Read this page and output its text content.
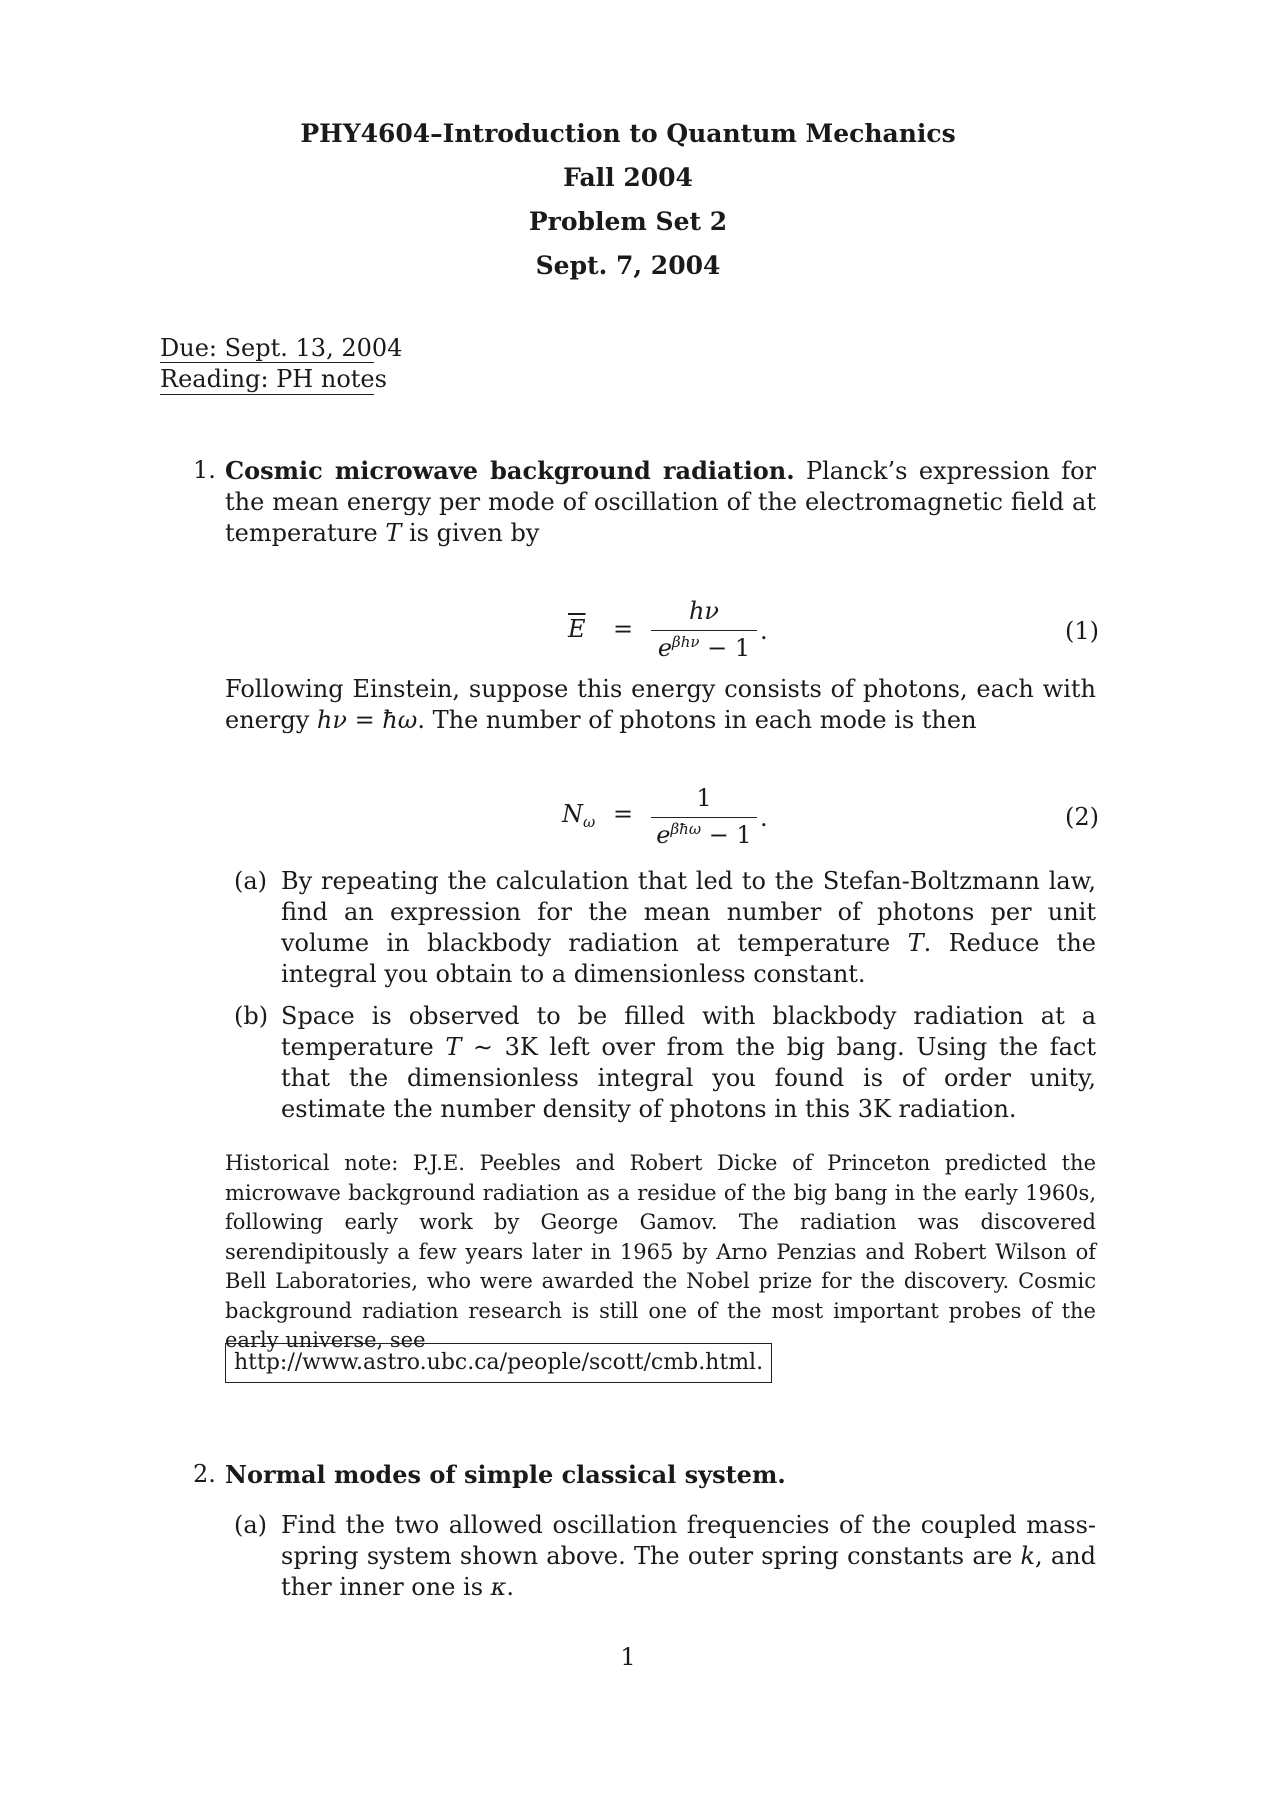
PHY4604–Introduction to Quantum Mechanics
Fall 2004
Problem Set 2
Sept. 7, 2004
Due: Sept. 13, 2004
Reading: PH notes
1. Cosmic microwave background radiation. Planck’s expression for the mean energy per mode of oscillation of the electromagnetic field at temperature T is given by
$\overline{E}$ =
hν
$e^{\beta h\nu} - 1$
.	(1)
Following Einstein, suppose this energy consists of photons, each with energy hν = ħω. The number of photons in each mode is then
$N_\omega$ =
1
$e^{\beta ħ\omega} - 1$
.	(2)
(a) By repeating the calculation that led to the Stefan-Boltzmann law, find an expression for the mean number of photons per unit volume in blackbody radiation at temperature T. Reduce the integral you obtain to a dimensionless constant.
(b) Space is observed to be filled with blackbody radiation at a temperature T ∼ 3K left over from the big bang. Using the fact that the dimensionless integral you found is of order unity, estimate the number density of photons in this 3K radiation.
Historical note: P.J.E. Peebles and Robert Dicke of Princeton predicted the microwave background radiation as a residue of the big bang in the early 1960s, following early work by George Gamov. The radiation was discovered serendipitously a few years later in 1965 by Arno Penzias and Robert Wilson of Bell Laboratories, who were awarded the Nobel prize for the discovery. Cosmic background radiation research is still one of the most important probes of the early universe, see
http://www.astro.ubc.ca/people/scott/cmb.html.
2. Normal modes of simple classical system.
(a) Find the two allowed oscillation frequencies of the coupled mass-spring system shown above. The outer spring constants are k, and ther inner one is κ.
1
